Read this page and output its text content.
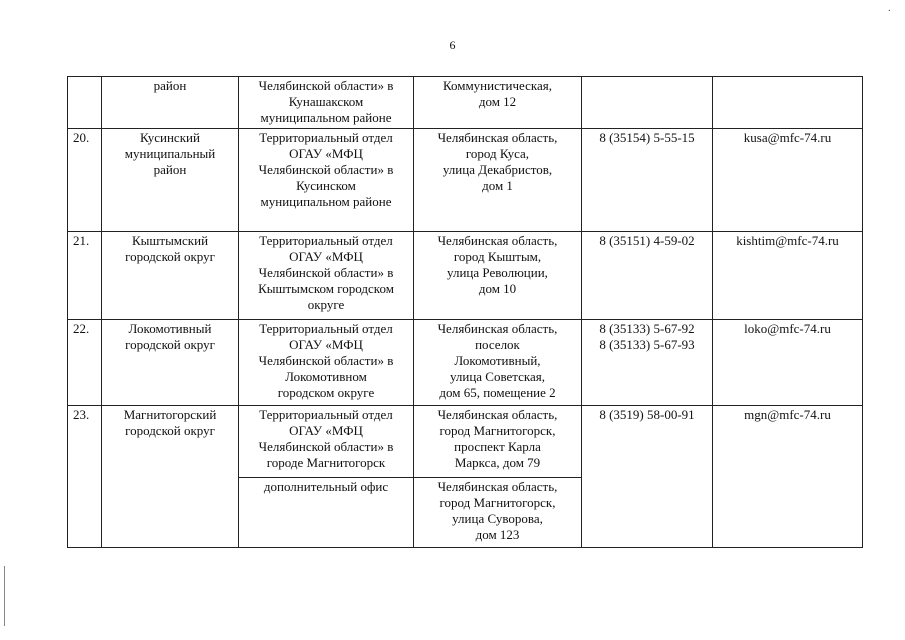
·
6

	район	Челябинской области» в
Кунашакском
муниципальном районе	Коммунистическая,
дом 12		

20.	Кусинский
муниципальный
район	Территориальный отдел
ОГАУ «МФЦ
Челябинской области» в
Кусинском
муниципальном районе	Челябинская область,
город Куса,
улица Декабристов,
дом 1	8 (35154) 5-55-15	kusa@mfc-74.ru
21.	Кыштымский
городской округ	Территориальный отдел
ОГАУ «МФЦ
Челябинской области» в
Кыштымском городском
округе	Челябинская область,
город Кыштым,
улица Революции,
дом 10	8 (35151) 4-59-02	kishtim@mfc-74.ru
22.	Локомотивный
городской округ	Территориальный отдел
ОГАУ «МФЦ
Челябинской области» в
Локомотивном
городском округе	Челябинская область,
поселок
Локомотивный,
улица Советская,
дом 65, помещение 2	8 (35133) 5-67-92
8 (35133) 5-67-93	loko@mfc-74.ru
23.	Магнитогорский
городской округ	Территориальный отдел
ОГАУ «МФЦ
Челябинской области» в
городе Магнитогорск	Челябинская область,
город Магнитогорск,
проспект Карла
Маркса, дом 79	8 (3519) 58-00-91	mgn@mfc-74.ru

		дополнительный офис	Челябинская область,
город Магнитогорск,
улица Суворова,
дом 123		
